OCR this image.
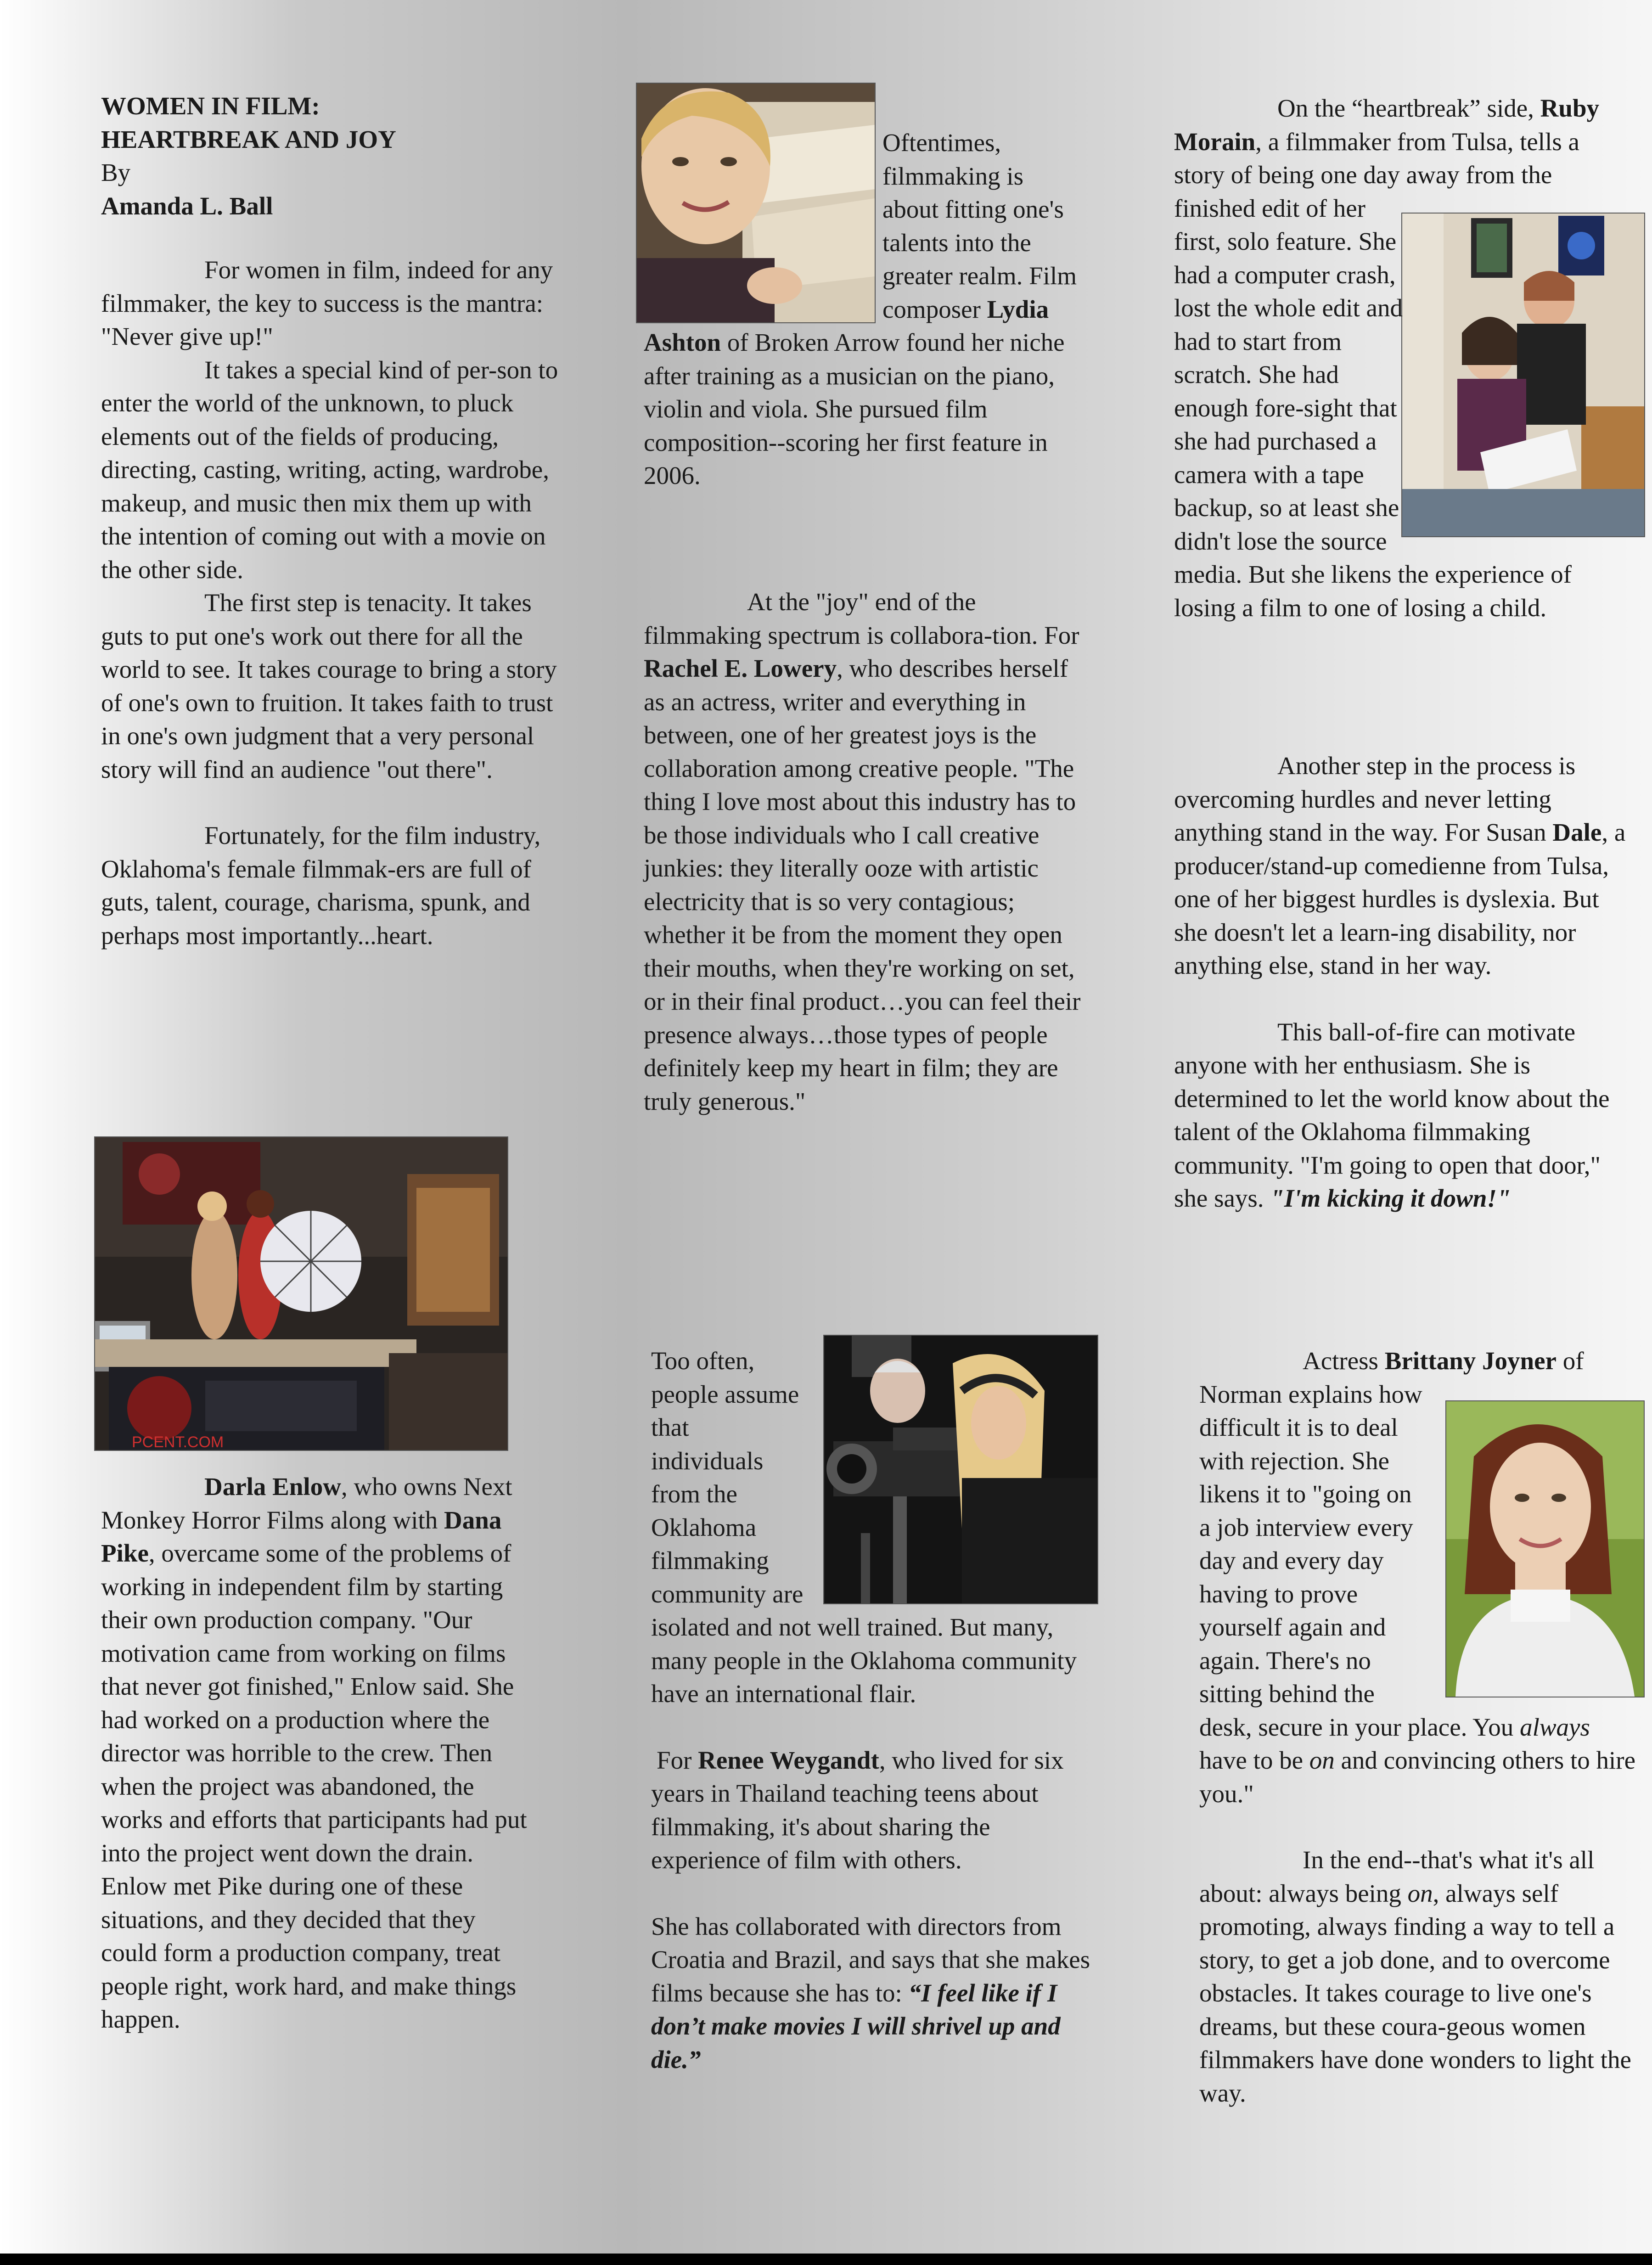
WOMEN IN FILM:
HEARTBREAK AND JOY
By
Amanda L. Ball

For women in film, indeed for any filmmaker, the key to success is the mantra: "Never give up!"

It takes a special kind of per-son to enter the world of the unknown, to pluck elements out of the fields of producing, directing, casting, writing, acting, wardrobe, makeup, and music then mix them up with the intention of coming out with a movie on the other side.

The first step is tenacity. It takes guts to put one's work out there for all the world to see. It takes courage to bring a story of one's own to fruition. It takes faith to trust in one's own judgment that a very personal story will find an audience "out there".

Fortunately, for the film industry, Oklahoma's female filmmak-ers are full of guts, talent, courage, charisma, spunk, and perhaps most importantly...heart.

PCENT.COM

Darla Enlow, who owns Next Monkey Horror Films along with Dana Pike, overcame some of the problems of working in independent film by starting their own production company. "Our motivation came from working on films that never got finished," Enlow said. She had worked on a production where the director was horrible to the crew. Then when the project was abandoned, the works and efforts that participants had put into the project went down the drain. Enlow met Pike during one of these situations, and they decided that they could form a production company, treat people right, work hard, and make things happen.

Oftentimes, filmmaking is about fitting one's talents into the greater realm. Film composer Lydia Ashton of Broken Arrow found her niche after training as a musician on the piano, violin and viola. She pursued film composition--scoring her first feature in 2006.

At the "joy" end of the filmmaking spectrum is collabora-tion. For Rachel E. Lowery, who describes herself as an actress, writer and everything in between, one of her greatest joys is the collaboration among creative people. "The thing I love most about this industry has to be those individuals who I call creative junkies: they literally ooze with artistic electricity that is so very contagious; whether it be from the moment they open their mouths, when they're working on set, or in their final product…you can feel their presence always…those types of people definitely keep my heart in film; they are truly generous."

Too often, people assume that individuals from the Oklahoma filmmaking community are isolated and not well trained. But many, many people in the Oklahoma community have an international flair.

For Renee Weygandt, who lived for six years in Thailand teaching teens about filmmaking, it's about sharing the experience of film with others.

She has collaborated with directors from Croatia and Brazil, and says that she makes films because she has to: “I feel like if I don’t make movies I will shrivel up and die.”

On the “heartbreak” side, Ruby Morain, a filmmaker from Tulsa, tells a story of being one day away from the finished edit of her first, solo feature. She had a computer crash, lost the whole edit and had to start from scratch. She had enough fore-sight that she had purchased a camera with a tape backup, so at least she didn't lose the source media. But she likens the experience of losing a film to one of losing a child.

Another step in the process is overcoming hurdles and never letting anything stand in the way. For Susan Dale, a producer/stand-up comedienne from Tulsa, one of her biggest hurdles is dyslexia. But she doesn't let a learn-ing disability, nor anything else, stand in her way.

This ball-of-fire can motivate anyone with her enthusiasm. She is determined to let the world know about the talent of the Oklahoma filmmaking community. "I'm going to open that door," she says. "I'm kicking it down!"

Actress Brittany Joyner of Norman explains how difficult it is to deal with rejection. She likens it to "going on a job interview every day and every day having to prove yourself again and again. There's no sitting behind the desk, secure in your place. You always have to be on and convincing others to hire you."

In the end--that's what it's all about: always being on, always self promoting, always finding a way to tell a story, to get a job done, and to overcome obstacles. It takes courage to live one's dreams, but these coura-geous women filmmakers have done wonders to light the way.
